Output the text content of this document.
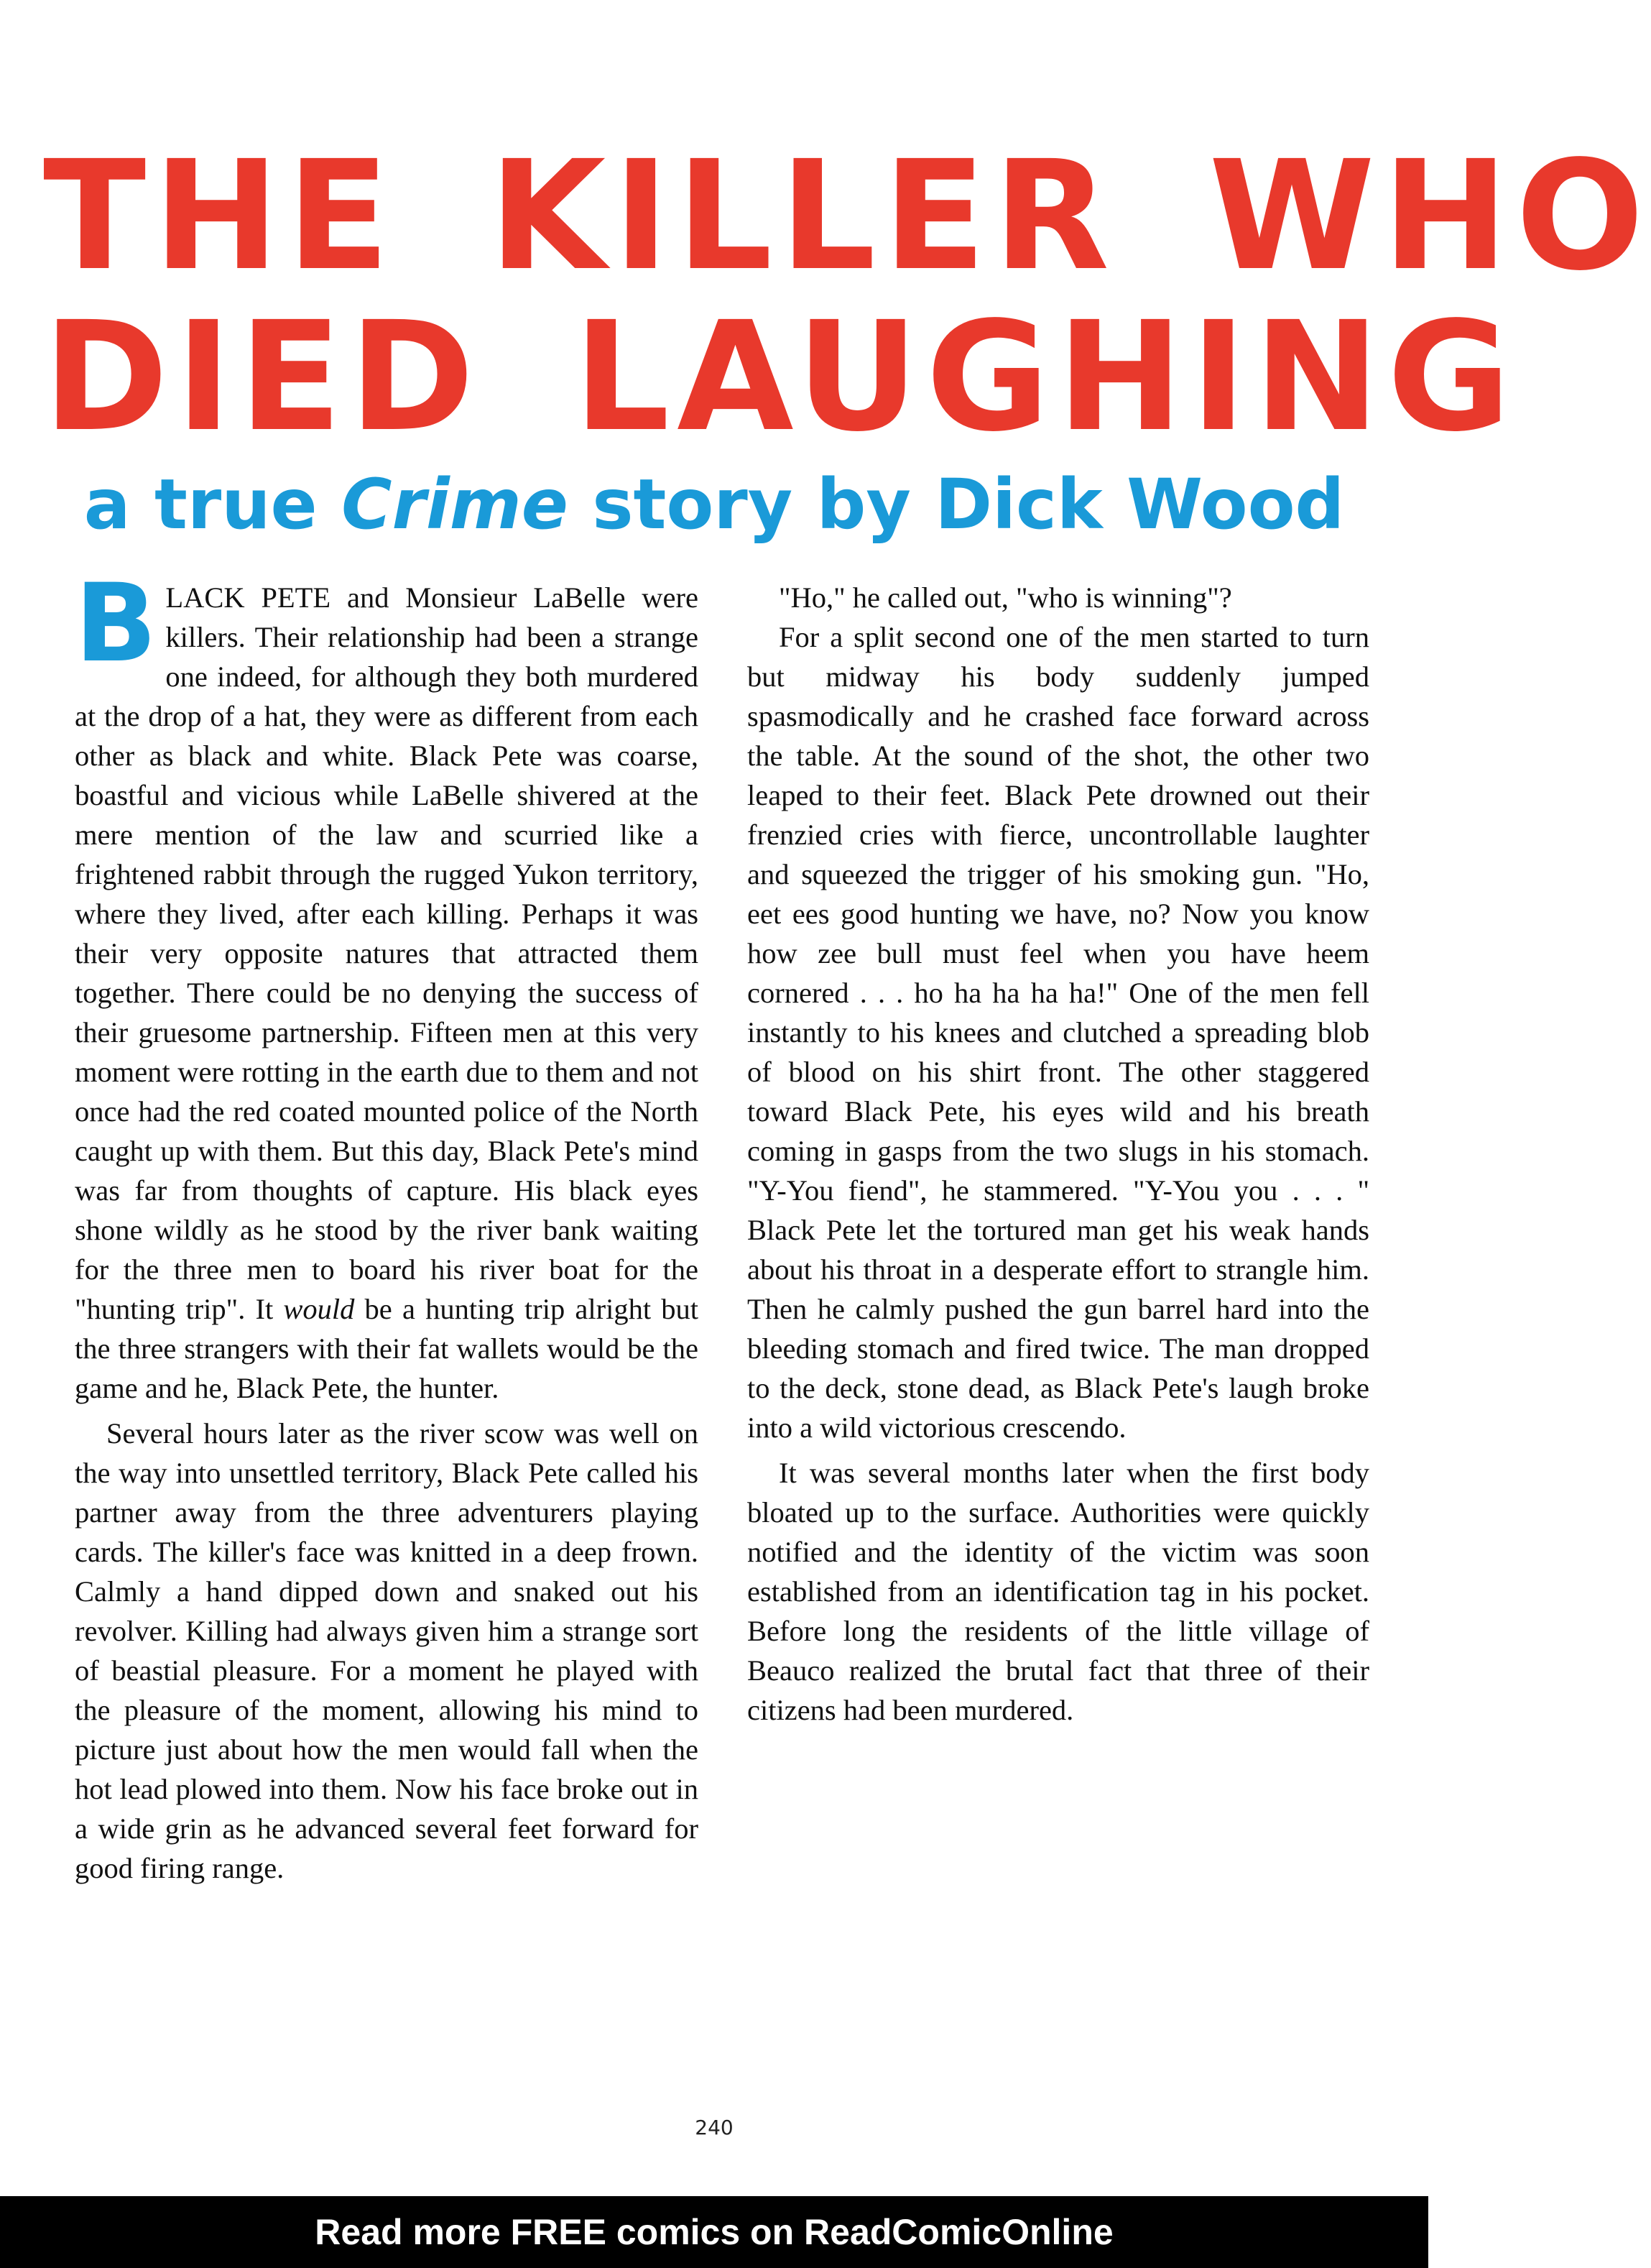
THE KILLER WHO
DIED LAUGHING
a true Crime story by Dick Wood

BLACK PETE and Monsieur LaBelle were killers. Their relationship had been a strange one indeed, for although they both murdered at the drop of a hat, they were as different from each other as black and white. Black Pete was coarse, boastful and vicious while LaBelle shivered at the mere mention of the law and scurried like a frightened rabbit through the rugged Yukon territory, where they lived, after each killing. Perhaps it was their very opposite natures that attracted them together. There could be no denying the success of their gruesome partnership. Fifteen men at this very moment were rotting in the earth due to them and not once had the red coated mounted police of the North caught up with them. But this day, Black Pete's mind was far from thoughts of capture. His black eyes shone wildly as he stood by the river bank waiting for the three men to board his river boat for the "hunting trip". It would be a hunting trip alright but the three strangers with their fat wallets would be the game and he, Black Pete, the hunter.

Several hours later as the river scow was well on the way into unsettled territory, Black Pete called his partner away from the three adventurers playing cards. The killer's face was knitted in a deep frown. Calmly a hand dipped down and snaked out his revolver. Killing had always given him a strange sort of beastial pleasure. For a moment he played with the pleasure of the moment, allowing his mind to picture just about how the men would fall when the hot lead plowed into them. Now his face broke out in a wide grin as he advanced several feet forward for good firing range.

"Ho," he called out, "who is winning"?

For a split second one of the men started to turn but midway his body suddenly jumped spasmodically and he crashed face forward across the table. At the sound of the shot, the other two leaped to their feet. Black Pete drowned out their frenzied cries with fierce, uncontrollable laughter and squeezed the trigger of his smoking gun. "Ho, eet ees good hunting we have, no? Now you know how zee bull must feel when you have heem cornered . . . ho ha ha ha ha!" One of the men fell instantly to his knees and clutched a spreading blob of blood on his shirt front. The other staggered toward Black Pete, his eyes wild and his breath coming in gasps from the two slugs in his stomach. "Y-You fiend", he stammered. "Y-You you . . . " Black Pete let the tortured man get his weak hands about his throat in a desperate effort to strangle him. Then he calmly pushed the gun barrel hard into the bleeding stomach and fired twice. The man dropped to the deck, stone dead, as Black Pete's laugh broke into a wild victorious crescendo.

It was several months later when the first body bloated up to the surface. Authorities were quickly notified and the identity of the victim was soon established from an identification tag in his pocket. Before long the residents of the little village of Beauco realized the brutal fact that three of their citizens had been murdered.

240
Read more FREE comics on ReadComicOnline
